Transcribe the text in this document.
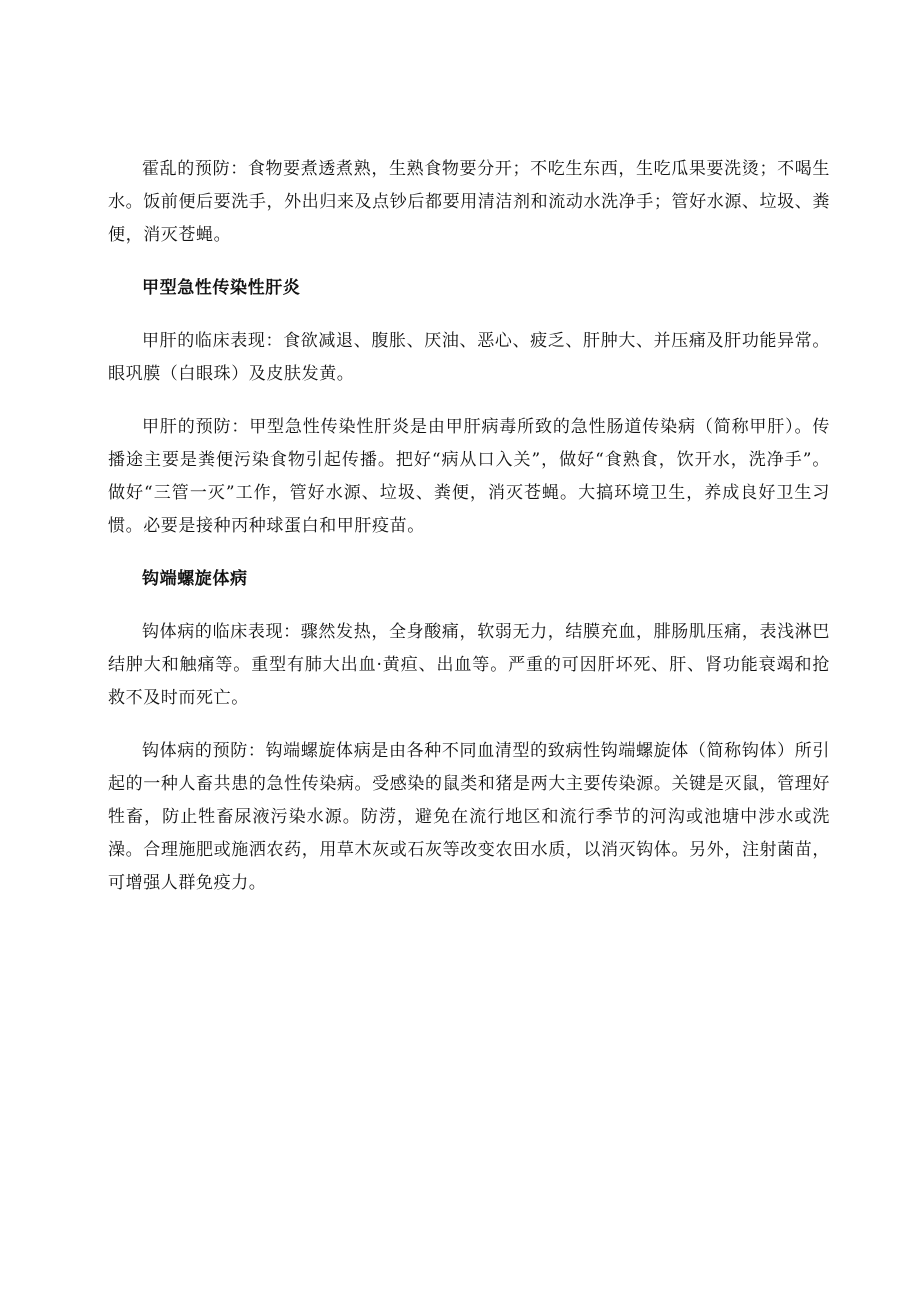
霍乱的预防：食物要煮透煮熟，生熟食物要分开；不吃生东西，生吃瓜果要洗烫；不喝生水。饭前便后要洗手，外出归来及点钞后都要用清洁剂和流动水洗净手；管好水源、垃圾、粪便，消灭苍蝇。

甲型急性传染性肝炎

甲肝的临床表现：食欲减退、腹胀、厌油、恶心、疲乏、肝肿大、并压痛及肝功能异常。眼巩膜（白眼珠）及皮肤发黄。

甲肝的预防：甲型急性传染性肝炎是由甲肝病毒所致的急性肠道传染病（简称甲肝）。传播途主要是粪便污染食物引起传播。把好“病从口入关”，做好“食熟食，饮开水，洗净手”。做好“三管一灭”工作，管好水源、垃圾、粪便，消灭苍蝇。大搞环境卫生，养成良好卫生习惯。必要是接种丙种球蛋白和甲肝疫苗。

钩端螺旋体病

钩体病的临床表现：骤然发热，全身酸痛，软弱无力，结膜充血，腓肠肌压痛，表浅淋巴结肿大和触痛等。重型有肺大出血·黄疸、出血等。严重的可因肝坏死、肝、肾功能衰竭和抢救不及时而死亡。

钩体病的预防：钩端螺旋体病是由各种不同血清型的致病性钩端螺旋体（简称钩体）所引起的一种人畜共患的急性传染病。受感染的鼠类和猪是两大主要传染源。关键是灭鼠，管理好牲畜，防止牲畜尿液污染水源。防涝，避免在流行地区和流行季节的河沟或池塘中涉水或洗澡。合理施肥或施洒农药，用草木灰或石灰等改变农田水质，以消灭钩体。另外，注射菌苗，可增强人群免疫力。
